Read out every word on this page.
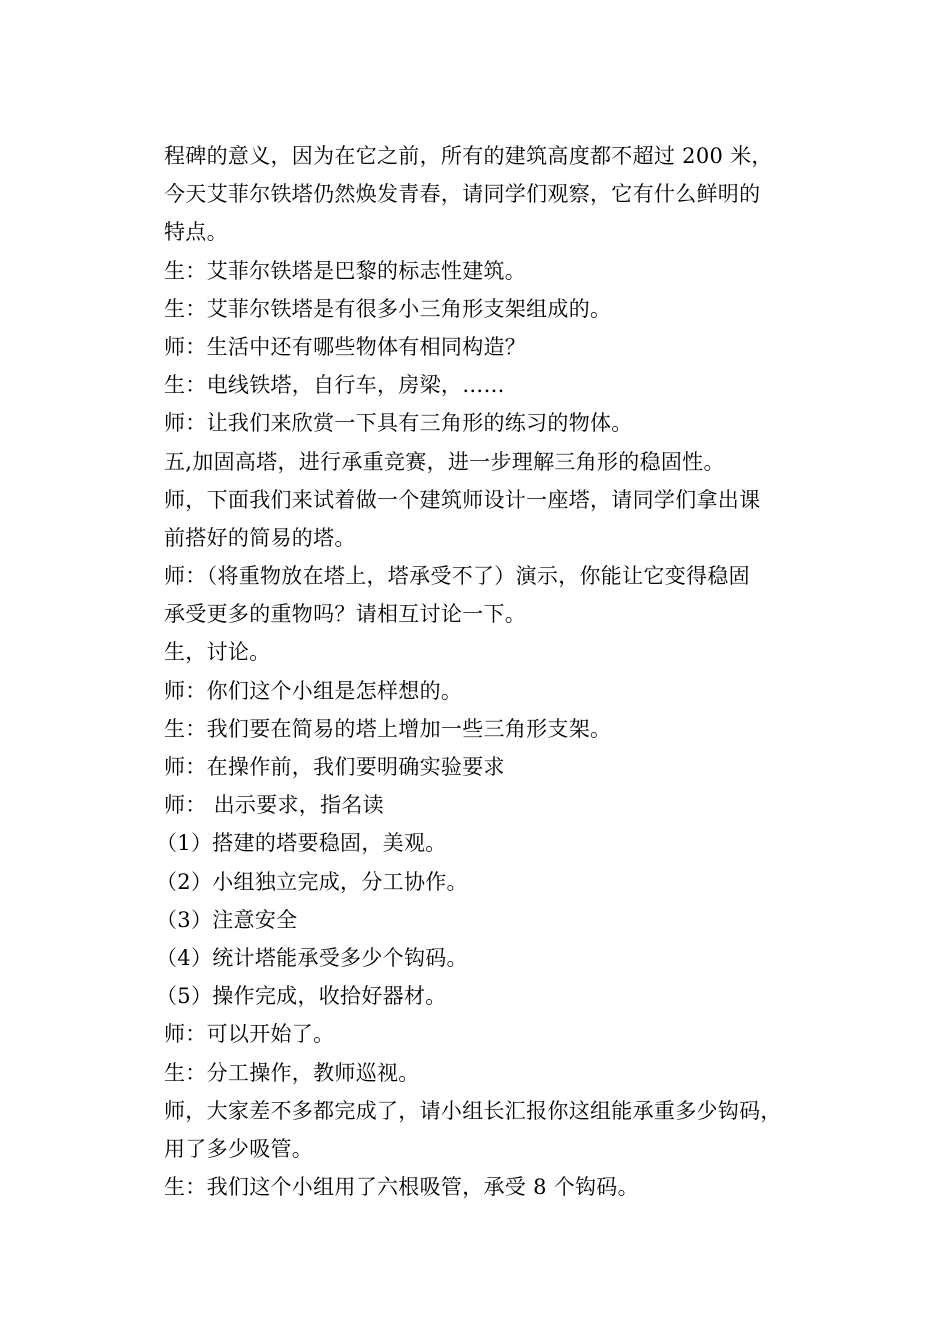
程碑的意义，因为在它之前，所有的建筑高度都不超过 200 米，
今天艾菲尔铁塔仍然焕发青春，请同学们观察，它有什么鲜明的
特点。
生：艾菲尔铁塔是巴黎的标志性建筑。
生：艾菲尔铁塔是有很多小三角形支架组成的。
师：生活中还有哪些物体有相同构造？
生：电线铁塔，自行车，房梁，……
师：让我们来欣赏一下具有三角形的练习的物体。
五,加固高塔，进行承重竞赛，进一步理解三角形的稳固性。
师，下面我们来试着做一个建筑师设计一座塔，请同学们拿出课
前搭好的简易的塔。
师：（将重物放在塔上，塔承受不了）演示，你能让它变得稳固
承受更多的重物吗？请相互讨论一下。
生，讨论。
师：你们这个小组是怎样想的。
生：我们要在简易的塔上增加一些三角形支架。
师：在操作前，我们要明确实验要求
师： 出示要求，指名读
（1）搭建的塔要稳固，美观。
（2）小组独立完成，分工协作。
（3）注意安全
（4）统计塔能承受多少个钩码。
（5）操作完成，收拾好器材。
师：可以开始了。
生：分工操作，教师巡视。
师，大家差不多都完成了，请小组长汇报你这组能承重多少钩码，
用了多少吸管。
生：我们这个小组用了六根吸管，承受 8 个钩码。
